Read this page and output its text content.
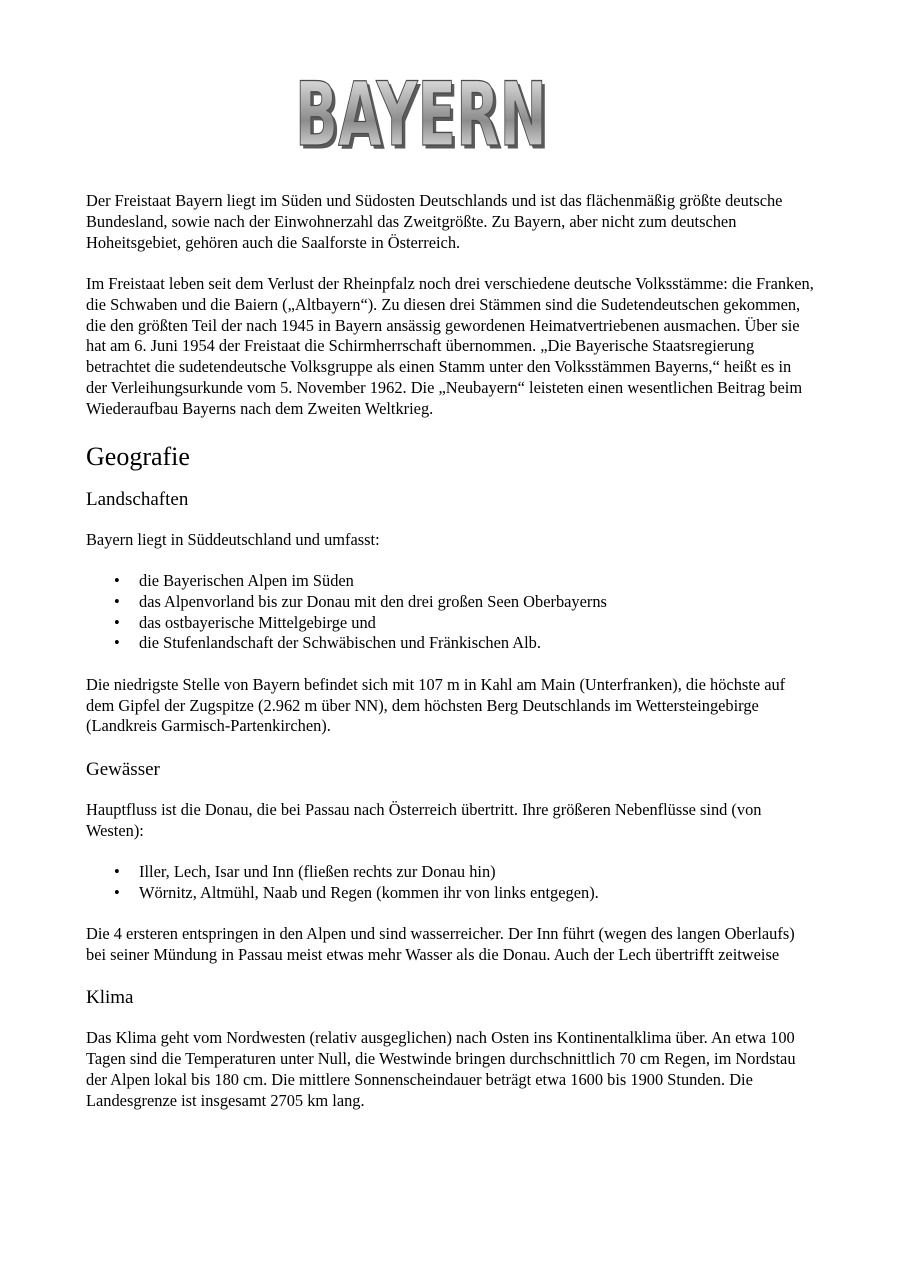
BAYERN
BAYERN

Der Freistaat Bayern liegt im Süden und Südosten Deutschlands und ist das flächenmäßig größte deutsche Bundesland, sowie nach der Einwohnerzahl das Zweitgrößte. Zu Bayern, aber nicht zum deutschen Hoheitsgebiet, gehören auch die Saalforste in Österreich.

Im Freistaat leben seit dem Verlust der Rheinpfalz noch drei verschiedene deutsche Volksstämme: die Franken, die Schwaben und die Baiern („Altbayern“). Zu diesen drei Stämmen sind die Sudetendeutschen gekommen, die den größten Teil der nach 1945 in Bayern ansässig gewordenen Heimatvertriebenen ausmachen. Über sie hat am 6. Juni 1954 der Freistaat die Schirmherrschaft übernommen. „Die Bayerische Staatsregierung betrachtet die sudetendeutsche Volksgruppe als einen Stamm unter den Volksstämmen Bayerns,“ heißt es in der Verleihungsurkunde vom 5. November 1962. Die „Neubayern“ leisteten einen wesentlichen Beitrag beim Wiederaufbau Bayerns nach dem Zweiten Weltkrieg.

Geografie
Landschaften

Bayern liegt in Süddeutschland und umfasst:

• die Bayerischen Alpen im Süden
• das Alpenvorland bis zur Donau mit den drei großen Seen Oberbayerns
• das ostbayerische Mittelgebirge und
• die Stufenlandschaft der Schwäbischen und Fränkischen Alb.

Die niedrigste Stelle von Bayern befindet sich mit 107 m in Kahl am Main (Unterfranken), die höchste auf dem Gipfel der Zugspitze (2.962 m über NN), dem höchsten Berg Deutschlands im Wettersteingebirge (Landkreis Garmisch-Partenkirchen).

Gewässer

Hauptfluss ist die Donau, die bei Passau nach Österreich übertritt. Ihre größeren Nebenflüsse sind (von Westen):

• Iller, Lech, Isar und Inn (fließen rechts zur Donau hin)
• Wörnitz, Altmühl, Naab und Regen (kommen ihr von links entgegen).

Die 4 ersteren entspringen in den Alpen und sind wasserreicher. Der Inn führt (wegen des langen Oberlaufs) bei seiner Mündung in Passau meist etwas mehr Wasser als die Donau. Auch der Lech übertrifft zeitweise

Klima

Das Klima geht vom Nordwesten (relativ ausgeglichen) nach Osten ins Kontinentalklima über. An etwa 100 Tagen sind die Temperaturen unter Null, die Westwinde bringen durchschnittlich 70 cm Regen, im Nordstau der Alpen lokal bis 180 cm. Die mittlere Sonnenscheindauer beträgt etwa 1600 bis 1900 Stunden. Die Landesgrenze ist insgesamt 2705 km lang.
